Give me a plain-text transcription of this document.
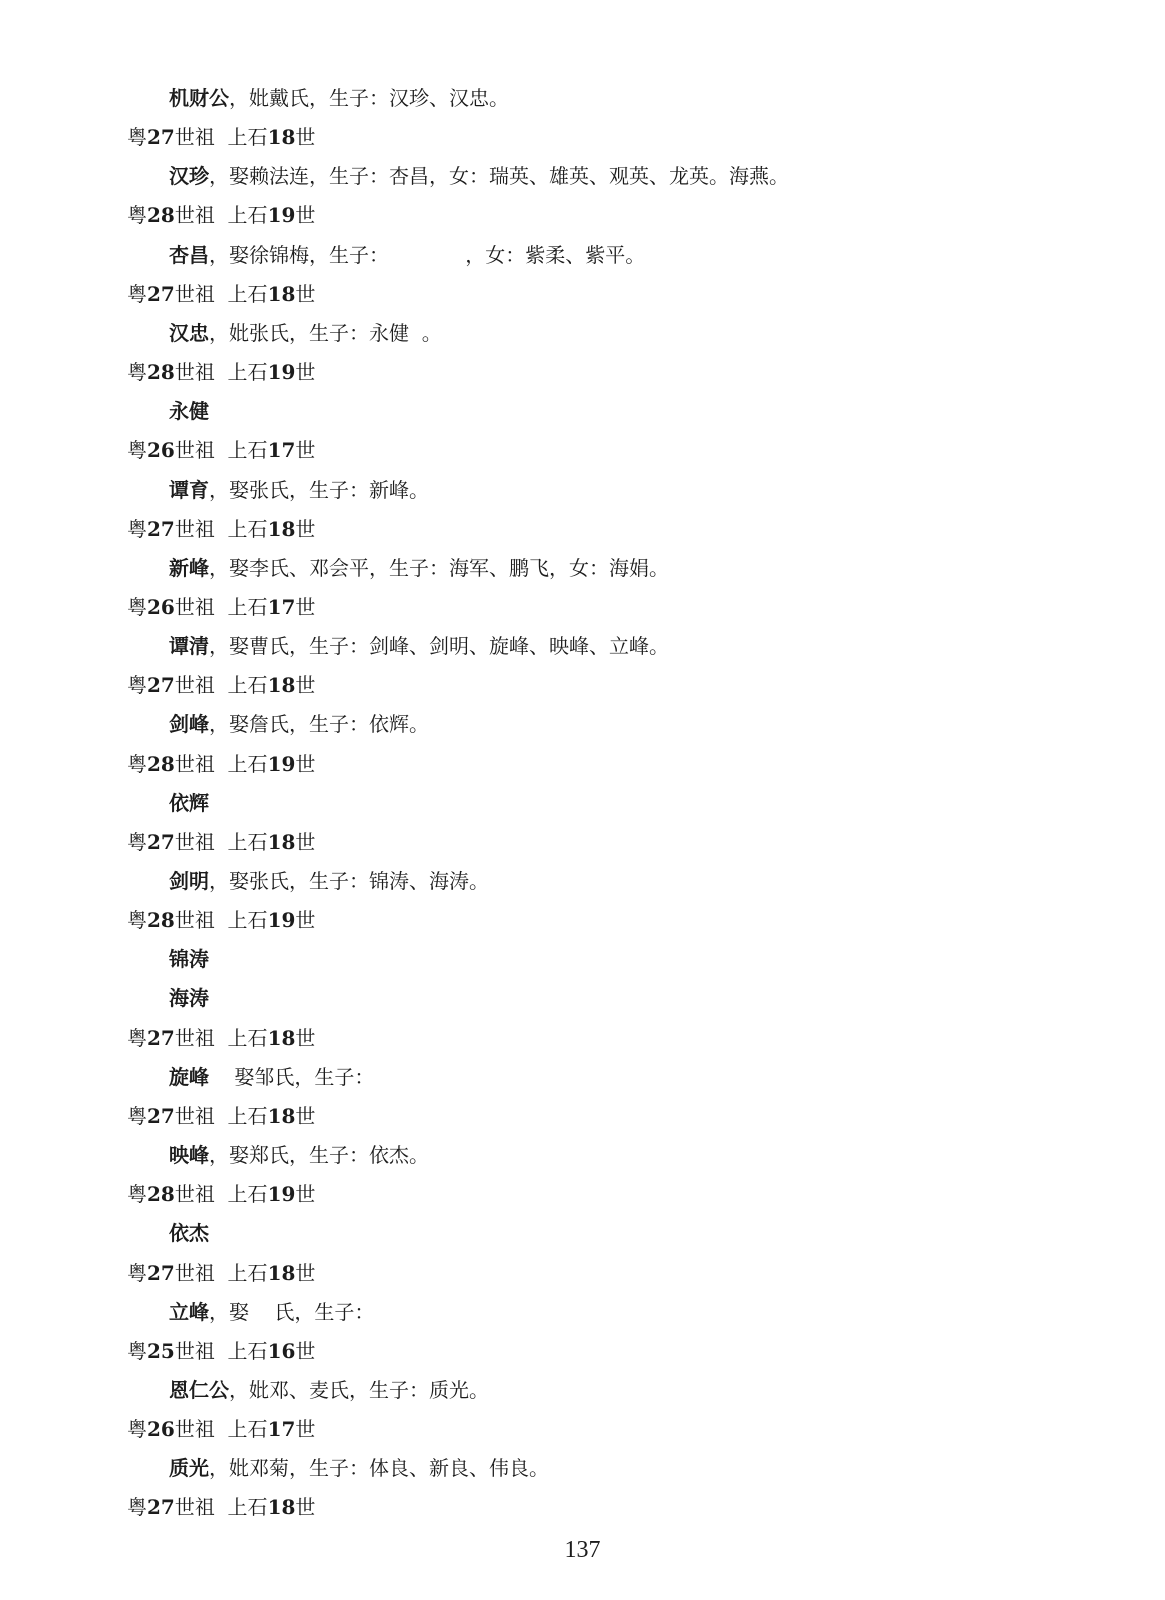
机财公，妣戴氏，生子：汉珍、汉忠。
粤27世祖  上石18世
汉珍，娶赖法连，生子：杏昌，女：瑞英、雄英、观英、龙英。海燕。
粤28世祖  上石19世
杏昌，娶徐锦梅，生子：            ，女：紫柔、紫平。
粤27世祖  上石18世
汉忠，妣张氏，生子：永健  。
粤28世祖  上石19世
永健
粤26世祖  上石17世
谭育，娶张氏，生子：新峰。
粤27世祖  上石18世
新峰，娶李氏、邓会平，生子：海军、鹏飞，女：海娟。
粤26世祖  上石17世
谭清，娶曹氏，生子：剑峰、剑明、旋峰、映峰、立峰。
粤27世祖  上石18世
剑峰，娶詹氏，生子：依辉。
粤28世祖  上石19世
依辉
粤27世祖  上石18世
剑明，娶张氏，生子：锦涛、海涛。
粤28世祖  上石19世
锦涛
海涛
粤27世祖  上石18世
旋峰    娶邹氏，生子：
粤27世祖  上石18世
映峰，娶郑氏，生子：依杰。
粤28世祖  上石19世
依杰
粤27世祖  上石18世
立峰，娶    氏，生子：
粤25世祖  上石16世
恩仁公，妣邓、麦氏，生子：质光。
粤26世祖  上石17世
质光，妣邓菊，生子：体良、新良、伟良。
粤27世祖  上石18世
137
